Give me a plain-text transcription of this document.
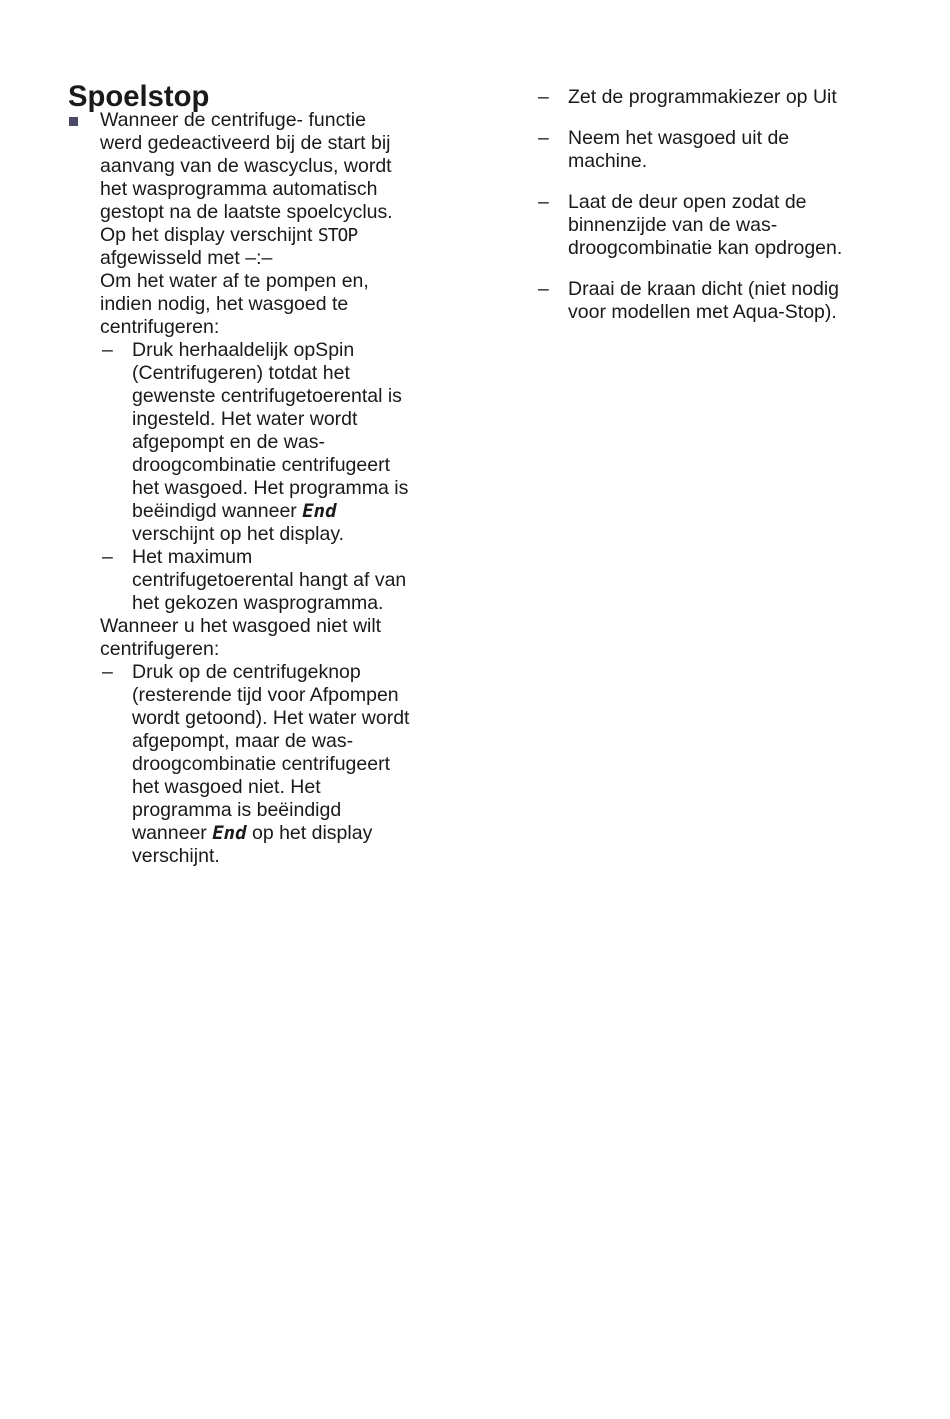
Spoelstop

Wanneer de centrifuge- functie werd gedeactiveerd bij de start bij aanvang van de wascyclus, wordt het wasprogramma automatisch gestopt na de laatste spoelcyclus. Op het display verschijnt STOP afgewisseld met –:–

Om het water af te pompen en, indien nodig, het wasgoed te centrifugeren:

– Druk herhaaldelijk opSpin (Centrifugeren) totdat het gewenste centrifugetoerental is ingesteld. Het water wordt afgepompt en de was-droogcombinatie centrifugeert het wasgoed. Het programma is beëindigd wanneer End verschijnt op het display.
– Het maximum centrifugetoerental hangt af van het gekozen wasprogramma.

Wanneer u het wasgoed niet wilt centrifugeren:

– Druk op de centrifugeknop (resterende tijd voor Afpompen wordt getoond). Het water wordt afgepompt, maar de was-droogcombinatie centrifugeert het wasgoed niet. Het programma is beëindigd wanneer End op het display verschijnt.
– Zet de programmakiezer op Uit
– Neem het wasgoed uit de machine.
– Laat de deur open zodat de binnenzijde van de was-droogcombinatie kan opdrogen.
– Draai de kraan dicht (niet nodig voor modellen met Aqua-Stop).
